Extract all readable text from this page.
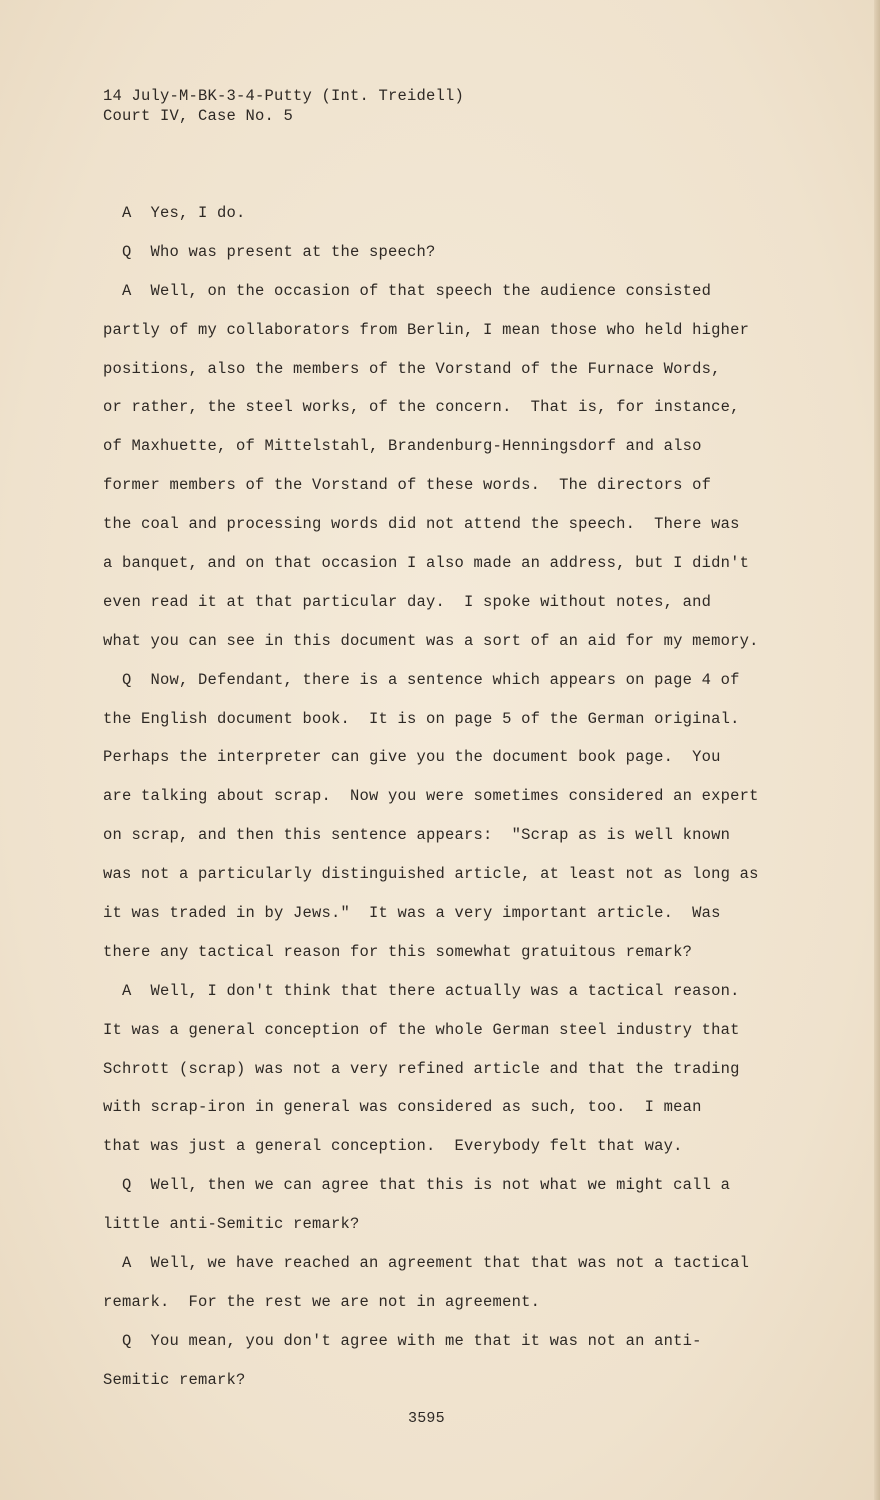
14 July-M-BK-3-4-Putty (Int. Treidell)
Court IV, Case No. 5
A  Yes, I do.
Q  Who was present at the speech?
A  Well, on the occasion of that speech the audience consisted
partly of my collaborators from Berlin, I mean those who held higher
positions, also the members of the Vorstand of the Furnace Words,
or rather, the steel works, of the concern.  That is, for instance,
of Maxhuette, of Mittelstahl, Brandenburg-Henningsdorf and also
former members of the Vorstand of these words.  The directors of
the coal and processing words did not attend the speech.  There was
a banquet, and on that occasion I also made an address, but I didn't
even read it at that particular day.  I spoke without notes, and
what you can see in this document was a sort of an aid for my memory.
Q  Now, Defendant, there is a sentence which appears on page 4 of
the English document book.  It is on page 5 of the German original.
Perhaps the interpreter can give you the document book page.  You
are talking about scrap.  Now you were sometimes considered an expert
on scrap, and then this sentence appears:  "Scrap as is well known
was not a particularly distinguished article, at least not as long as
it was traded in by Jews."  It was a very important article.  Was
there any tactical reason for this somewhat gratuitous remark?
A  Well, I don't think that there actually was a tactical reason.
It was a general conception of the whole German steel industry that
Schrott (scrap) was not a very refined article and that the trading
with scrap-iron in general was considered as such, too.  I mean
that was just a general conception.  Everybody felt that way.
Q  Well, then we can agree that this is not what we might call a
little anti-Semitic remark?
A  Well, we have reached an agreement that that was not a tactical
remark.  For the rest we are not in agreement.
Q  You mean, you don't agree with me that it was not an anti-
Semitic remark?
3595
